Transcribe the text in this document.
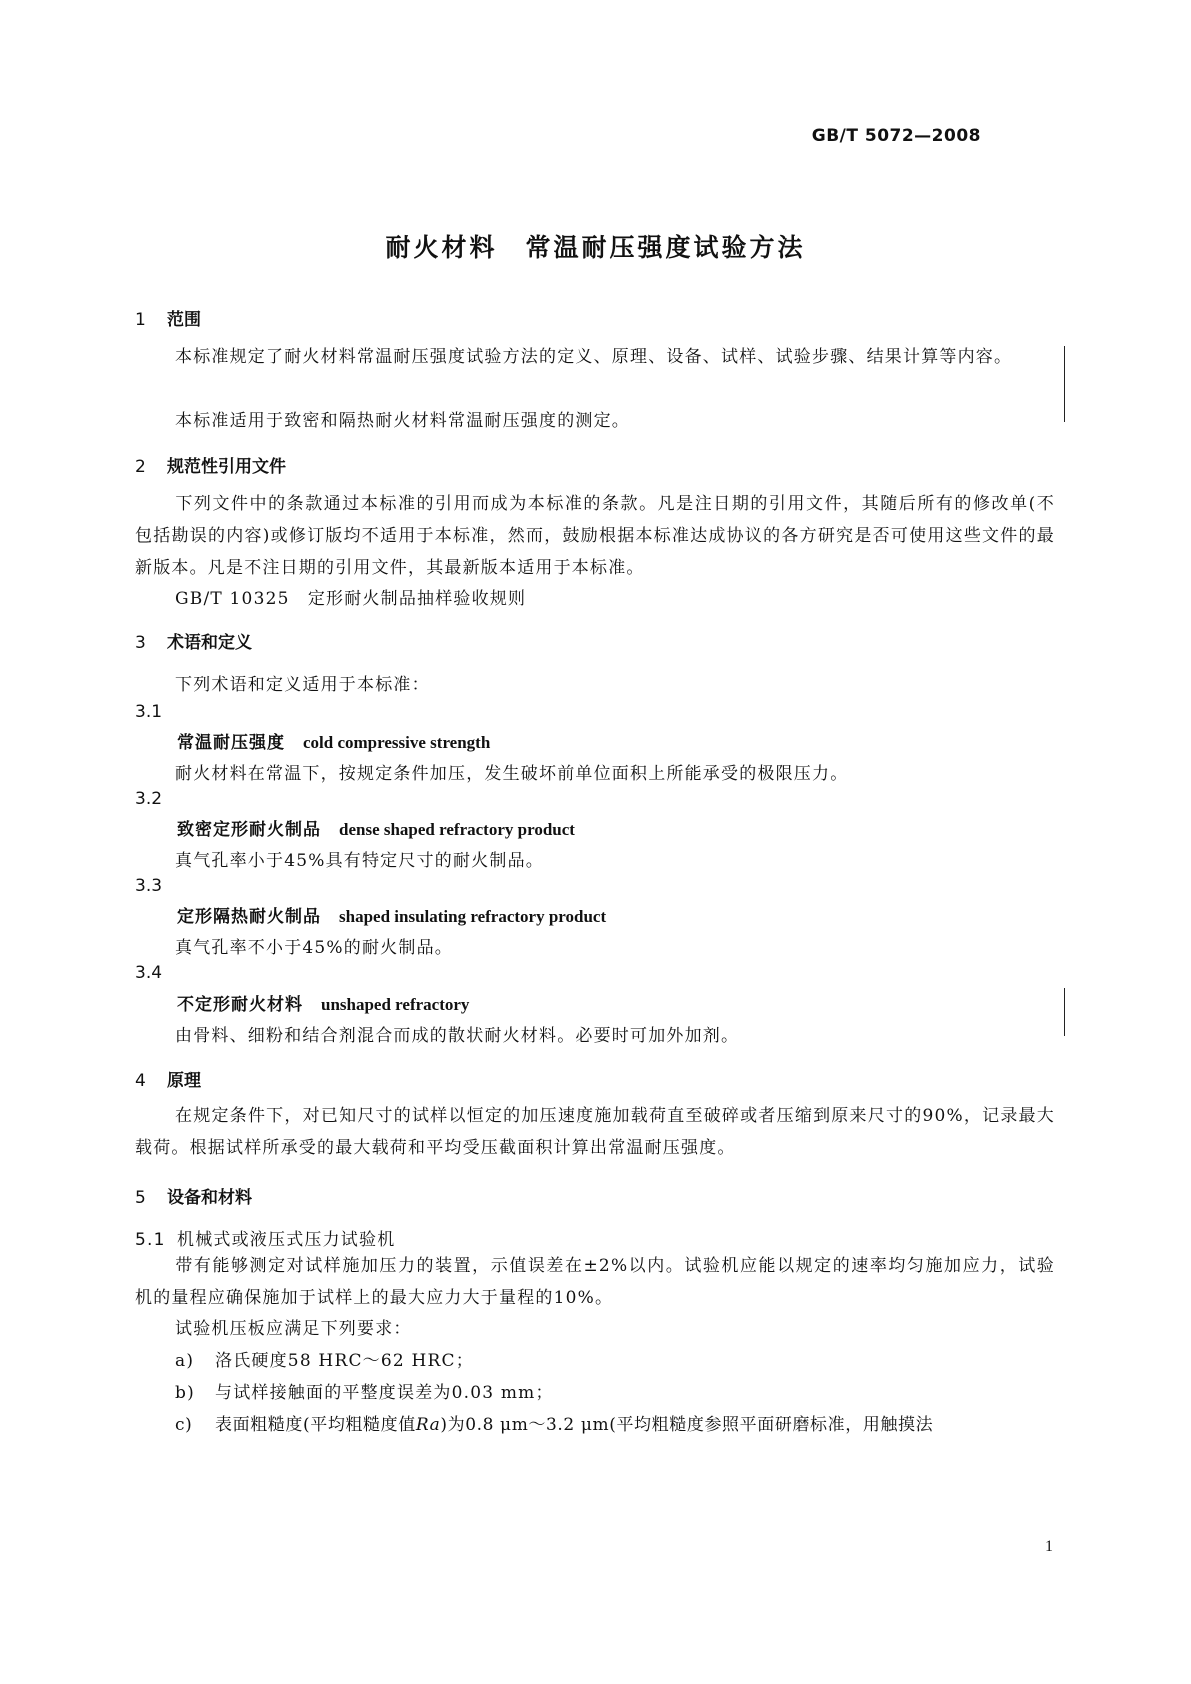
GB/T 5072—2008
耐火材料　常温耐压强度试验方法
1 范围
本标准规定了耐火材料常温耐压强度试验方法的定义、原理、设备、试样、试验步骤、结果计算等内容。
本标准适用于致密和隔热耐火材料常温耐压强度的测定。
2 规范性引用文件
下列文件中的条款通过本标准的引用而成为本标准的条款。凡是注日期的引用文件，其随后所有的修改单(不包括勘误的内容)或修订版均不适用于本标准，然而，鼓励根据本标准达成协议的各方研究是否可使用这些文件的最新版本。凡是不注日期的引用文件，其最新版本适用于本标准。
GB/T 10325　定形耐火制品抽样验收规则
3 术语和定义
下列术语和定义适用于本标准：
3.1
常温耐压强度 cold compressive strength
耐火材料在常温下，按规定条件加压，发生破坏前单位面积上所能承受的极限压力。
3.2
致密定形耐火制品 dense shaped refractory product
真气孔率小于45%具有特定尺寸的耐火制品。
3.3
定形隔热耐火制品 shaped insulating refractory product
真气孔率不小于45%的耐火制品。
3.4
不定形耐火材料 unshaped refractory
由骨料、细粉和结合剂混合而成的散状耐火材料。必要时可加外加剂。
4 原理
在规定条件下，对已知尺寸的试样以恒定的加压速度施加载荷直至破碎或者压缩到原来尺寸的90%，记录最大载荷。根据试样所承受的最大载荷和平均受压截面积计算出常温耐压强度。
5 设备和材料
5.1 机械式或液压式压力试验机
带有能够测定对试样施加压力的装置，示值误差在±2%以内。试验机应能以规定的速率均匀施加应力，试验机的量程应确保施加于试样上的最大应力大于量程的10%。
试验机压板应满足下列要求：
a) 洛氏硬度58 HRC～62 HRC；
b) 与试样接触面的平整度误差为0.03 mm；
c) 表面粗糙度(平均粗糙度值Ra)为0.8 μm～3.2 μm(平均粗糙度参照平面研磨标准，用触摸法
1
